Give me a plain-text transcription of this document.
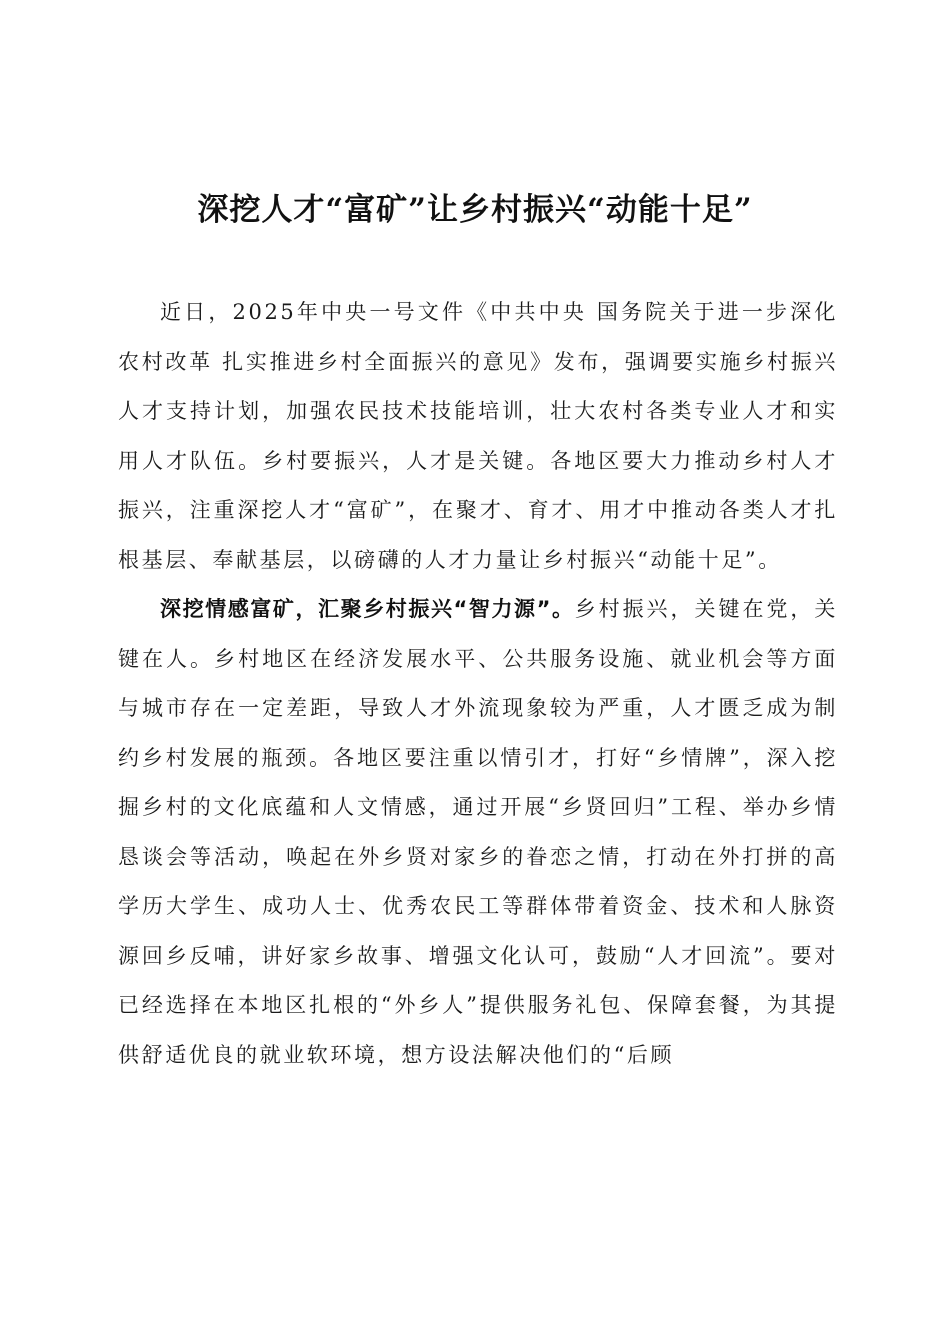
深挖人才“富矿”让乡村振兴“动能十足”

近日，2025年中央一号文件《中共中央 国务院关于进一步深化农村改革 扎实推进乡村全面振兴的意见》发布，强调要实施乡村振兴人才支持计划，加强农民技术技能培训，壮大农村各类专业人才和实用人才队伍。乡村要振兴，人才是关键。各地区要大力推动乡村人才振兴，注重深挖人才“富矿”，在聚才、育才、用才中推动各类人才扎根基层、奉献基层，以磅礴的人才力量让乡村振兴“动能十足”。

深挖情感富矿，汇聚乡村振兴“智力源”。乡村振兴，关键在党，关键在人。乡村地区在经济发展水平、公共服务设施、就业机会等方面与城市存在一定差距，导致人才外流现象较为严重，人才匮乏成为制约乡村发展的瓶颈。各地区要注重以情引才，打好“乡情牌”，深入挖掘乡村的文化底蕴和人文情感，通过开展“乡贤回归”工程、举办乡情恳谈会等活动，唤起在外乡贤对家乡的眷恋之情，打动在外打拼的高学历大学生、成功人士、优秀农民工等群体带着资金、技术和人脉资源回乡反哺，讲好家乡故事、增强文化认可，鼓励“人才回流”。要对已经选择在本地区扎根的“外乡人”提供服务礼包、保障套餐，为其提供舒适优良的就业软环境，想方设法解决他们的“后顾
